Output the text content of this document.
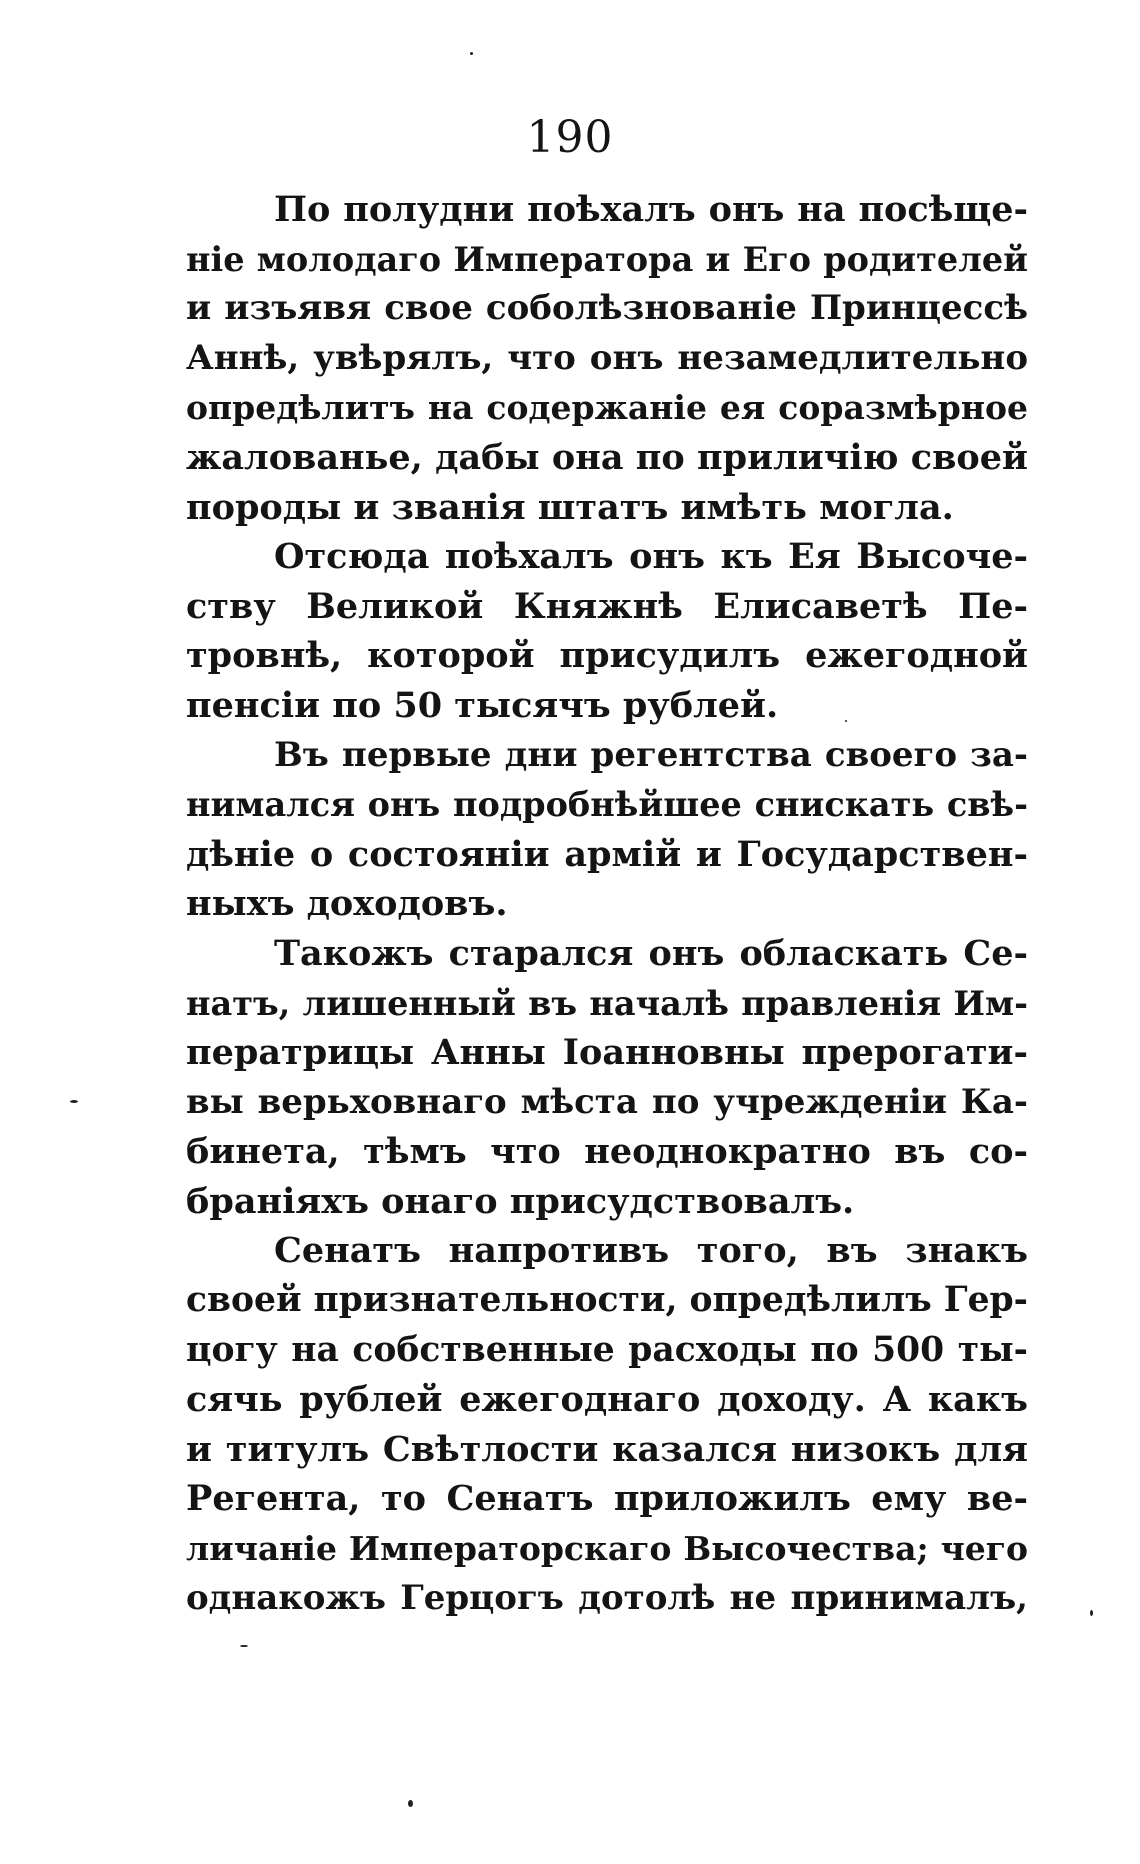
190
По полудни поѣхалъ онъ на посѣще-
ніе молодаго Императора и Его родителей
и изъявя свое соболѣзнованіе Принцессѣ
Аннѣ, увѣрялъ, что онъ незамедлительно
опредѣлитъ на содержаніе ея соразмѣрное
жалованье, дабы она по приличію своей
породы и званія штатъ имѣть могла.
Отсюда поѣхалъ онъ къ Ея Высоче-
ству Великой Княжнѣ Елисаветѣ Пе-
тровнѣ, которой присудилъ ежегодной
пенсіи по 50 тысячъ рублей.
Въ первые дни регентства своего за-
нимался онъ подробнѣйшее снискать свѣ-
дѣніе о состояніи армій и Государствен-
ныхъ доходовъ.
Такожъ старался онъ обласкать Се-
натъ, лишенный въ началѣ правленія Им-
ператрицы Анны Іоанновны прерогати-
вы верьховнаго мѣста по учрежденіи Ка-
бинета, тѣмъ что неоднократно въ со-
браніяхъ онаго присудствовалъ.
Сенатъ напротивъ того, въ знакъ
своей признательности, опредѣлилъ Гер-
цогу на собственные расходы по 500 ты-
сячь рублей ежегоднаго доходу. А какъ
и титулъ Свѣтлости казался низокъ для
Регента, то Сенатъ приложилъ ему ве-
личаніе Императорскаго Высочества; чего
однакожъ Герцогъ дотолѣ не принималъ,
